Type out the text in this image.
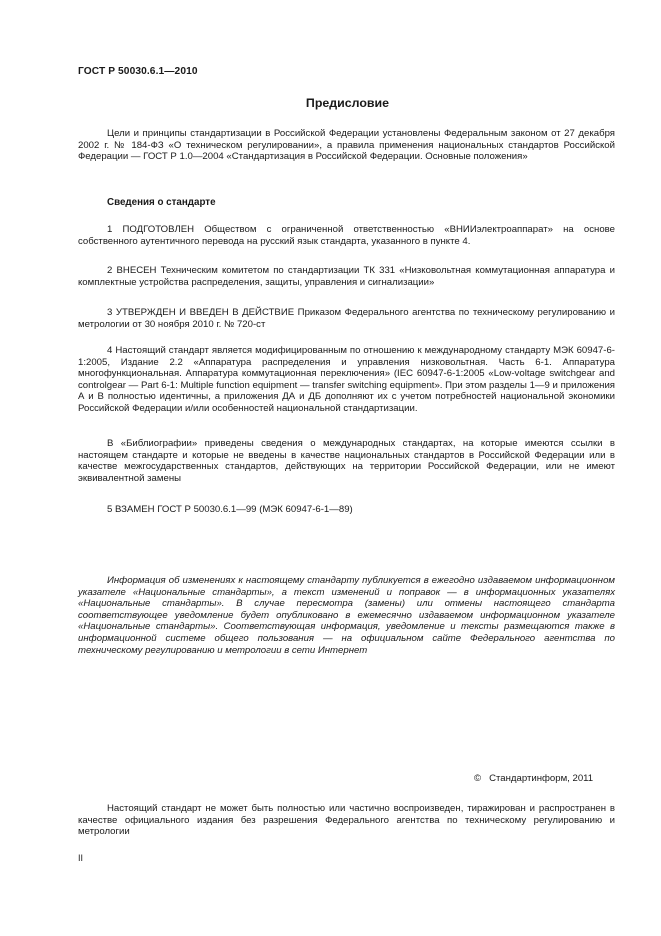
ГОСТ Р 50030.6.1—2010
Предисловие
Цели и принципы стандартизации в Российской Федерации установлены Федеральным законом от 27 декабря 2002 г. № 184-ФЗ «О техническом регулировании», а правила применения национальных стандартов Российской Федерации — ГОСТ Р 1.0—2004 «Стандартизация в Российской Федерации. Основные положения»
Сведения о стандарте
1 ПОДГОТОВЛЕН Обществом с ограниченной ответственностью «ВНИИэлектроаппарат» на основе собственного аутентичного перевода на русский язык стандарта, указанного в пункте 4.
2 ВНЕСЕН Техническим комитетом по стандартизации ТК 331 «Низковольтная коммутационная аппаратура и комплектные устройства распределения, защиты, управления и сигнализации»
3 УТВЕРЖДЕН И ВВЕДЕН В ДЕЙСТВИЕ Приказом Федерального агентства по техническому регулированию и метрологии от 30 ноября 2010 г. № 720-ст
4 Настоящий стандарт является модифицированным по отношению к международному стандарту МЭК 60947-6-1:2005, Издание 2.2 «Аппаратура распределения и управления низковольтная. Часть 6-1. Аппаратура многофункциональная. Аппаратура коммутационная переключения» (IEC 60947-6-1:2005 «Low-voltage switchgear and controlgear — Part 6-1: Multiple function equipment — transfer switching equipment». При этом разделы 1—9 и приложения А и В полностью идентичны, а приложения ДА и ДБ дополняют их с учетом потребностей национальной экономики Российской Федерации и/или особенностей национальной стандартизации.
В «Библиографии» приведены сведения о международных стандартах, на которые имеются ссылки в настоящем стандарте и которые не введены в качестве национальных стандартов в Российской Федерации или в качестве межгосударственных стандартов, действующих на территории Российской Федерации, или не имеют эквивалентной замены
5 ВЗАМЕН ГОСТ Р 50030.6.1—99 (МЭК 60947-6-1—89)
Информация об изменениях к настоящему стандарту публикуется в ежегодно издаваемом информационном указателе «Национальные стандарты», а текст изменений и поправок — в информационных указателях «Национальные стандарты». В случае пересмотра (замены) или отмены настоящего стандарта соответствующее уведомление будет опубликовано в ежемесячно издаваемом информационном указателе «Национальные стандарты». Соответствующая информация, уведомление и тексты размещаются также в информационной системе общего пользования — на официальном сайте Федерального агентства по техническому регулированию и метрологии в сети Интернет
©   Стандартинформ, 2011
Настоящий стандарт не может быть полностью или частично воспроизведен, тиражирован и распространен в качестве официального издания без разрешения Федерального агентства по техническому регулированию и метрологии
II
